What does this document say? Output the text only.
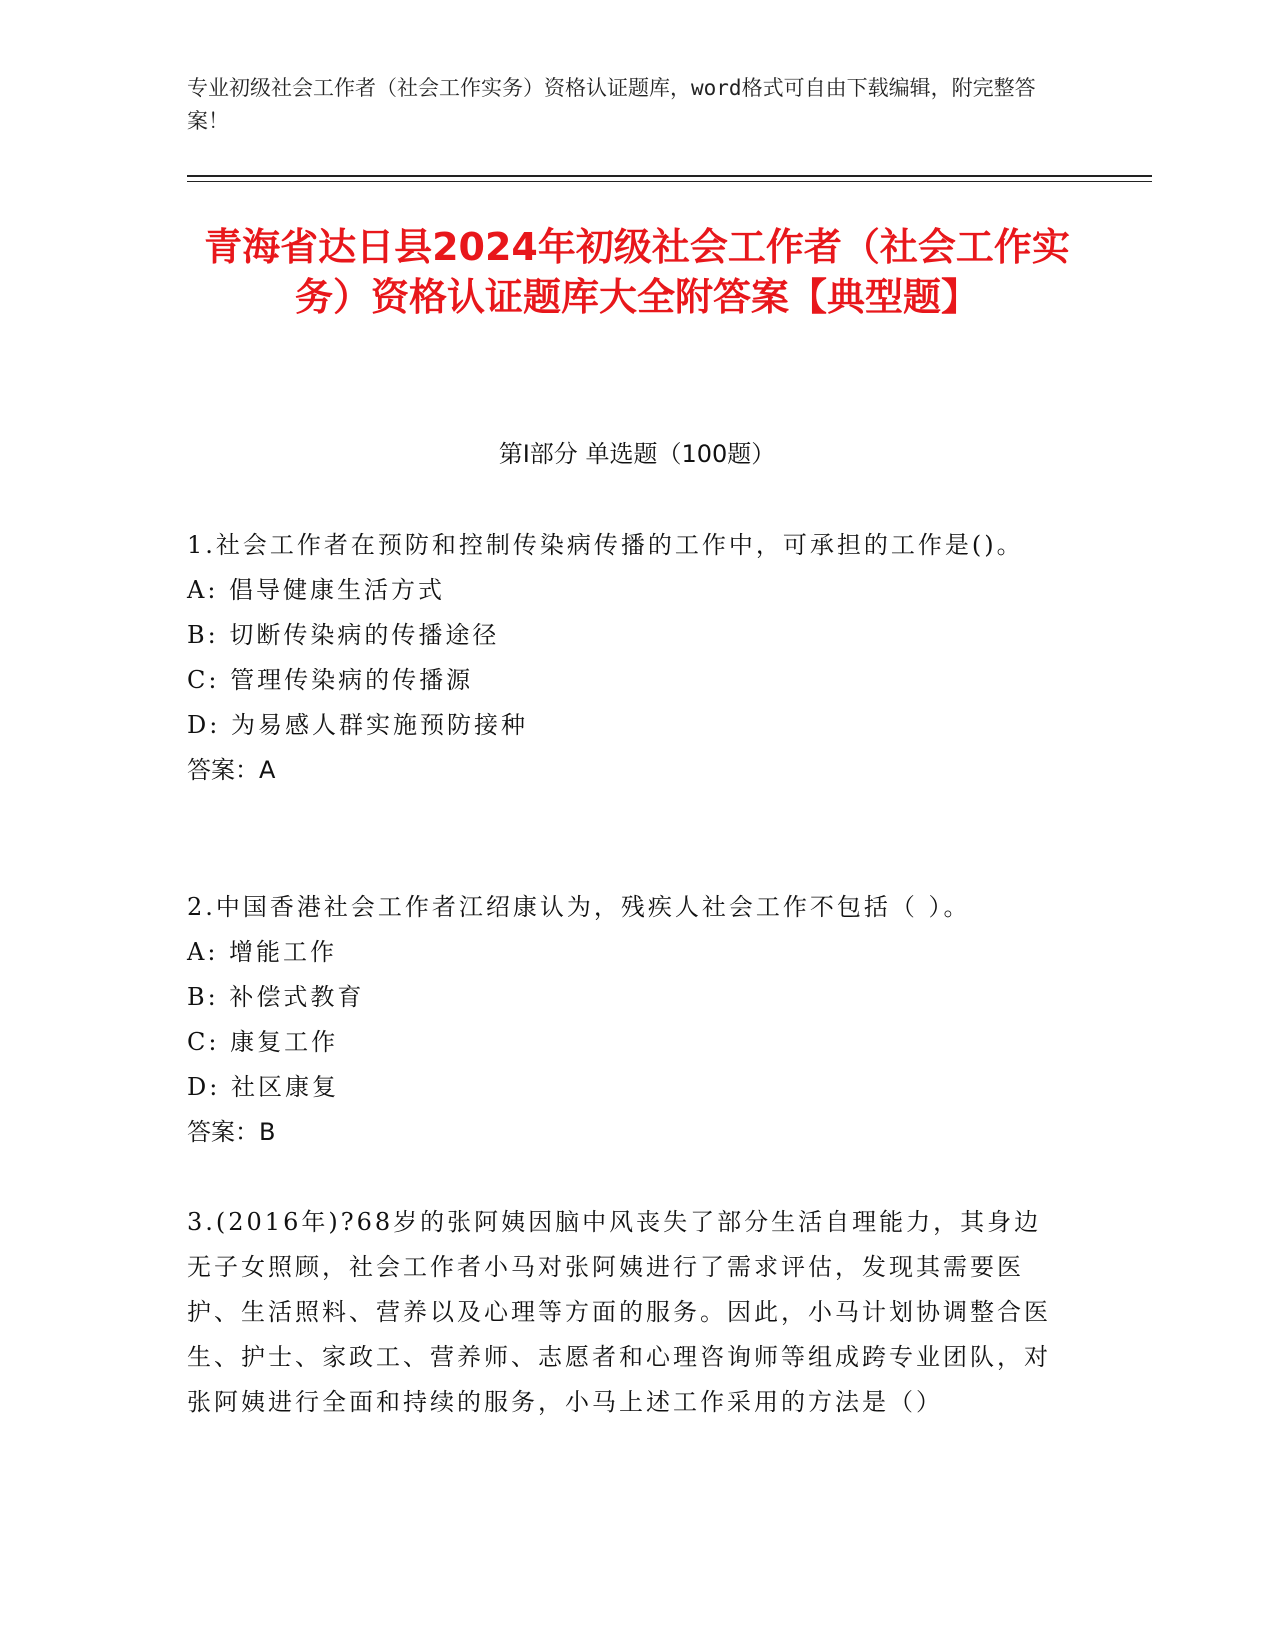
专业初级社会工作者（社会工作实务）资格认证题库，word格式可自由下载编辑，附完整答案！
青海省达日县2024年初级社会工作者（社会工作实务）资格认证题库大全附答案【典型题】
第I部分 单选题（100题）
1.社会工作者在预防和控制传染病传播的工作中，可承担的工作是()。
A: 倡导健康生活方式
B: 切断传染病的传播途径
C: 管理传染病的传播源
D: 为易感人群实施预防接种
答案：A
2.中国香港社会工作者江绍康认为，残疾人社会工作不包括（ ）。
A: 增能工作
B: 补偿式教育
C: 康复工作
D: 社区康复
答案：B
3.(2016年)?68岁的张阿姨因脑中风丧失了部分生活自理能力，其身边无子女照顾，社会工作者小马对张阿姨进行了需求评估，发现其需要医护、生活照料、营养以及心理等方面的服务。因此，小马计划协调整合医生、护士、家政工、营养师、志愿者和心理咨询师等组成跨专业团队，对张阿姨进行全面和持续的服务，小马上述工作采用的方法是（）
